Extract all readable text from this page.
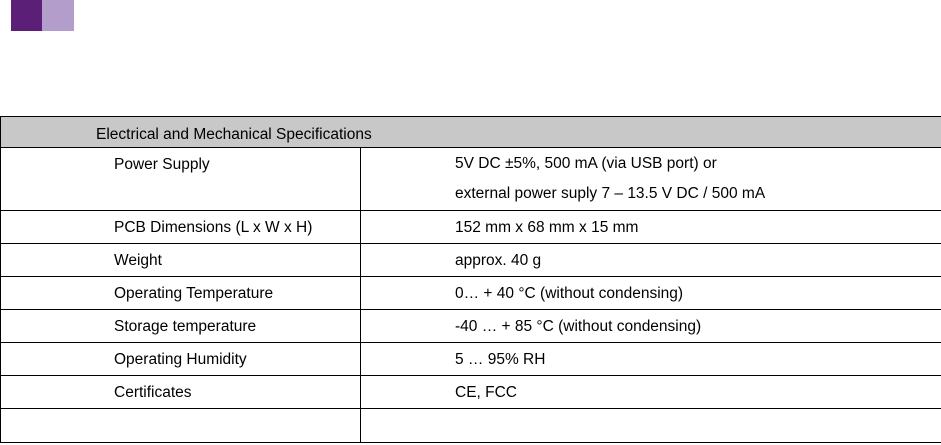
Electrical and Mechanical Specifications	
Power Supply	5V DC ±5%, 500 mA (via USB port) or
external power suply 7 – 13.5 V DC / 500 mA

PCB Dimensions (L x W x H)	152 mm x 68 mm x 15 mm
Weight	approx. 40 g
Operating Temperature	0… + 40 °C (without condensing)
Storage temperature	-40 … + 85 °C (without condensing)
Operating Humidity	5 … 95% RH
Certificates	CE, FCC
